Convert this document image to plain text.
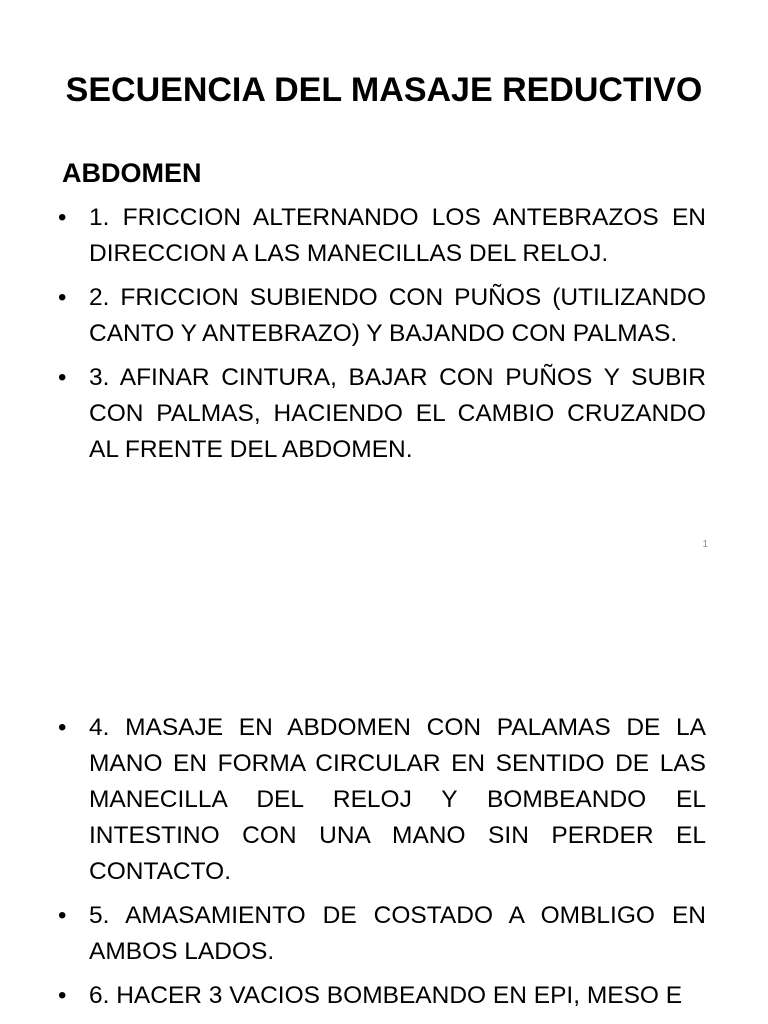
SECUENCIA DEL MASAJE REDUCTIVO
ABDOMEN
• 1. FRICCION ALTERNANDO LOS ANTEBRAZOS EN DIRECCION A LAS MANECILLAS DEL RELOJ.
• 2. FRICCION SUBIENDO CON PUÑOS (UTILIZANDO CANTO Y ANTEBRAZO) Y BAJANDO CON PALMAS.
• 3. AFINAR CINTURA, BAJAR CON PUÑOS Y SUBIR CON PALMAS, HACIENDO EL CAMBIO CRUZANDO AL FRENTE DEL ABDOMEN.
1
• 4. MASAJE EN ABDOMEN CON PALAMAS DE LA MANO EN FORMA CIRCULAR EN SENTIDO DE LAS MANECILLA DEL RELOJ Y BOMBEANDO EL INTESTINO CON UNA MANO SIN PERDER EL CONTACTO.
• 5. AMASAMIENTO DE COSTADO A OMBLIGO EN AMBOS LADOS.
• 6. HACER 3 VACIOS BOMBEANDO EN EPI, MESO E
